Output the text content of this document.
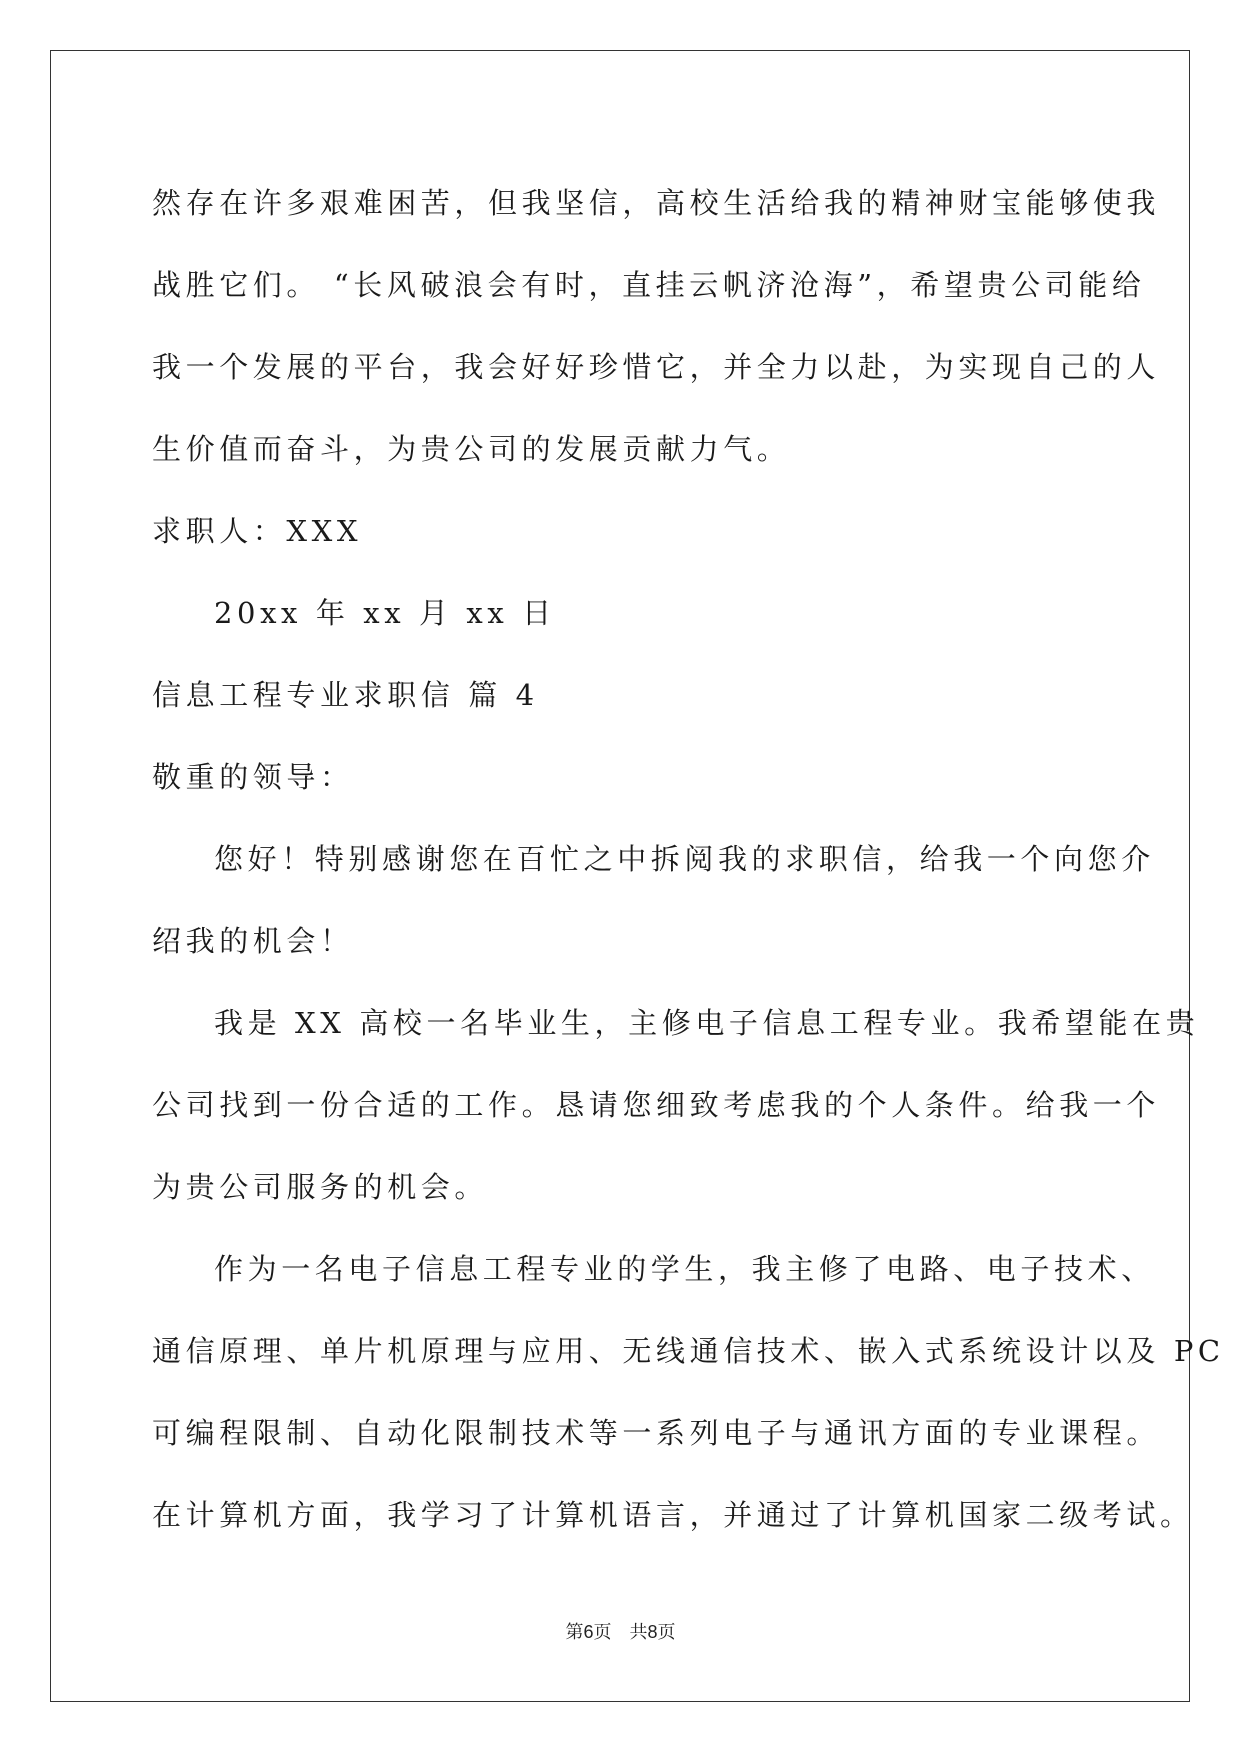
然存在许多艰难困苦，但我坚信，高校生活给我的精神财宝能够使我
战胜它们。 “长风破浪会有时，直挂云帆济沧海”，希望贵公司能给
我一个发展的平台，我会好好珍惜它，并全力以赴，为实现自己的人
生价值而奋斗，为贵公司的发展贡献力气。
求职人：XXX
20xx 年 xx 月 xx 日
信息工程专业求职信 篇 4
敬重的领导：
您好！特别感谢您在百忙之中拆阅我的求职信，给我一个向您介
绍我的机会！
我是 XX 高校一名毕业生，主修电子信息工程专业。我希望能在贵
公司找到一份合适的工作。恳请您细致考虑我的个人条件。给我一个
为贵公司服务的机会。
作为一名电子信息工程专业的学生，我主修了电路、电子技术、
通信原理、单片机原理与应用、无线通信技术、嵌入式系统设计以及 PC
可编程限制、自动化限制技术等一系列电子与通讯方面的专业课程。
在计算机方面，我学习了计算机语言，并通过了计算机国家二级考试。
第6页　共8页
